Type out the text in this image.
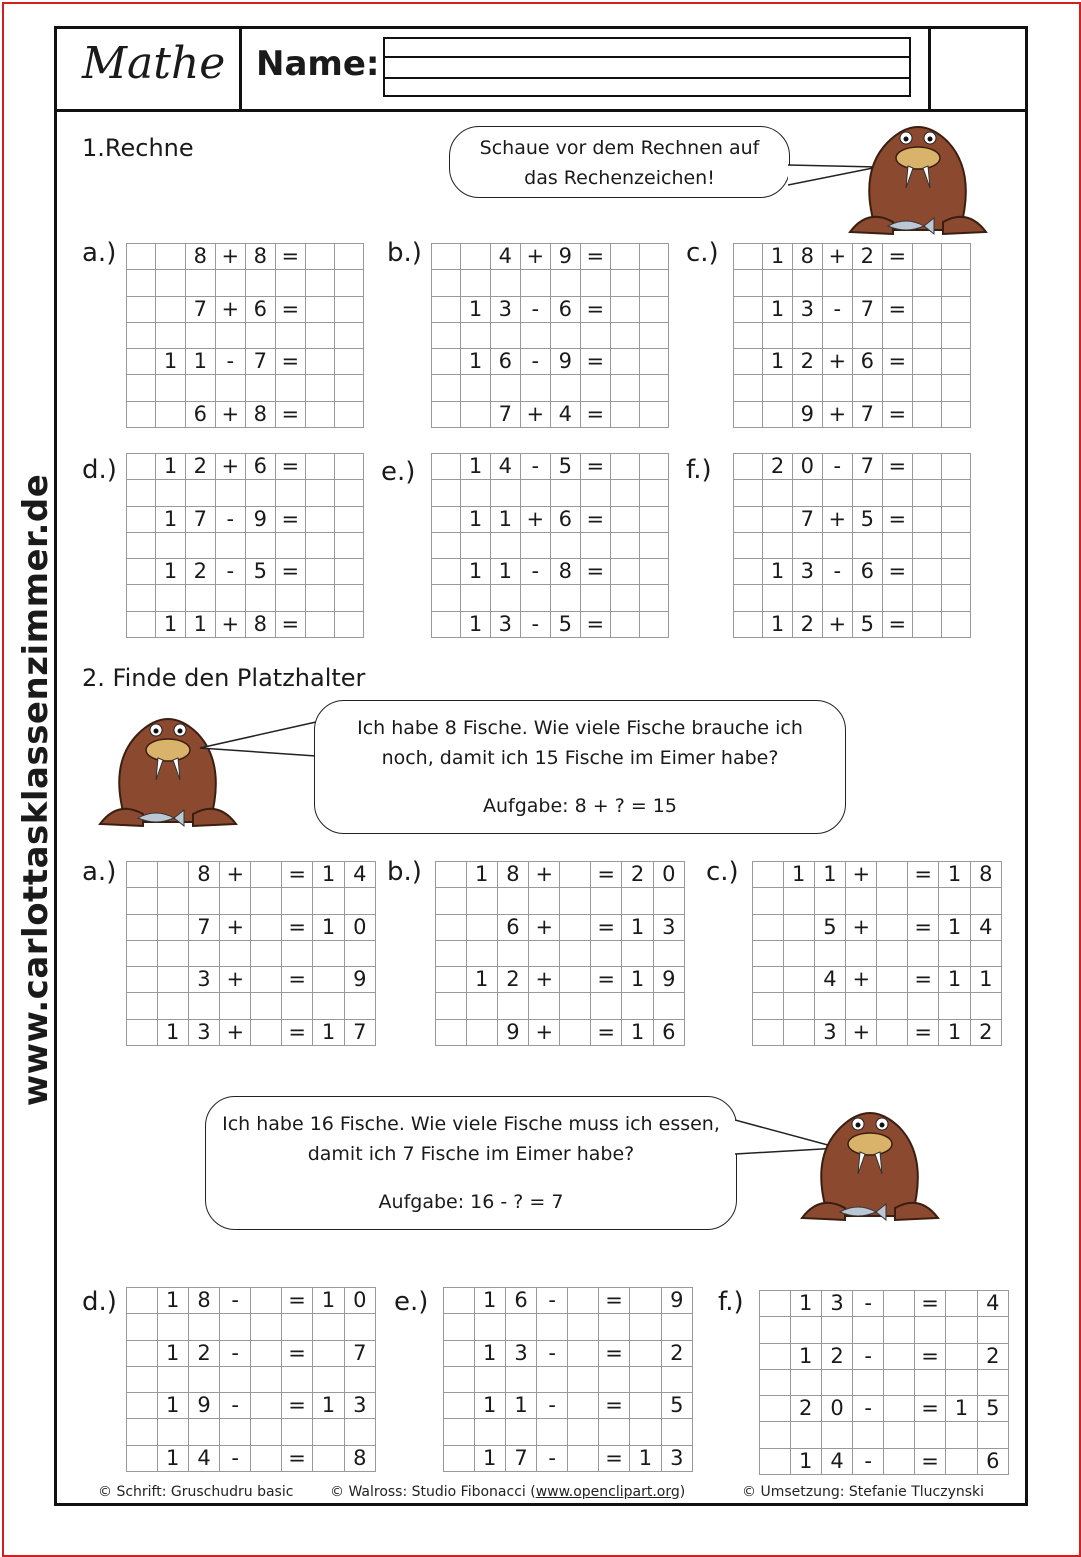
Mathe Name:
www.carlottasklassenzimmer.de
1.Rechne	Schaue vor dem Rechnen auf
das Rechenzeichen!
a.)
			8	+	8	=		

		7	+	6	=		

	1	1	-	7	=		

		6	+	8	=		
b.)
			4	+	9	=		

	1	3	-	6	=		

	1	6	-	9	=		

		7	+	4	=		
c.)
	1	8	+	2	=		

	1	3	-	7	=		

	1	2	+	6	=		

		9	+	7	=		
d.)
	1	2	+	6	=		

	1	7	-	9	=		

	1	2	-	5	=		

	1	1	+	8	=		
e.)
		1	4	-	5	=		

	1	1	+	6	=		

	1	1	-	8	=		

	1	3	-	5	=		
f.)
		2	0	-	7	=		

		7	+	5	=		

	1	3	-	6	=		

	1	2	+	5	=		
2. Finde den Platzhalter
Ich habe 8 Fische. Wie viele Fische brauche ich
noch, damit ich 15 Fische im Eimer habe?
Aufgabe: 8 + ? = 15
Ich habe 16 Fische. Wie viele Fische muss ich essen,
damit ich 7 Fische im Eimer habe?
Aufgabe: 16 - ? = 7
a.)
			8	+		=	1	4

		7	+		=	1	0

		3	+		=		9

	1	3	+		=	1	7
b.)
		1	8	+		=	2	0

		6	+		=	1	3

	1	2	+		=	1	9

		9	+		=	1	6
c.)
		1	1	+		=	1	8

		5	+		=	1	4

		4	+		=	1	1

		3	+		=	1	2
d.)
	1	8	-		=	1	0

	1	2	-		=		7

	1	9	-		=	1	3

	1	4	-		=		8
e.)
		1	6	-		=		9

	1	3	-		=		2

	1	1	-		=		5

	1	7	-		=	1	3
f.)
		1	3	-		=		4

	1	2	-		=		2

	2	0	-		=	1	5

	1	4	-		=		6
© Schrift: Gruschudru basic	© Walross: Studio Fibonacci (www.openclipart.org)	© Umsetzung: Stefanie Tluczynski
